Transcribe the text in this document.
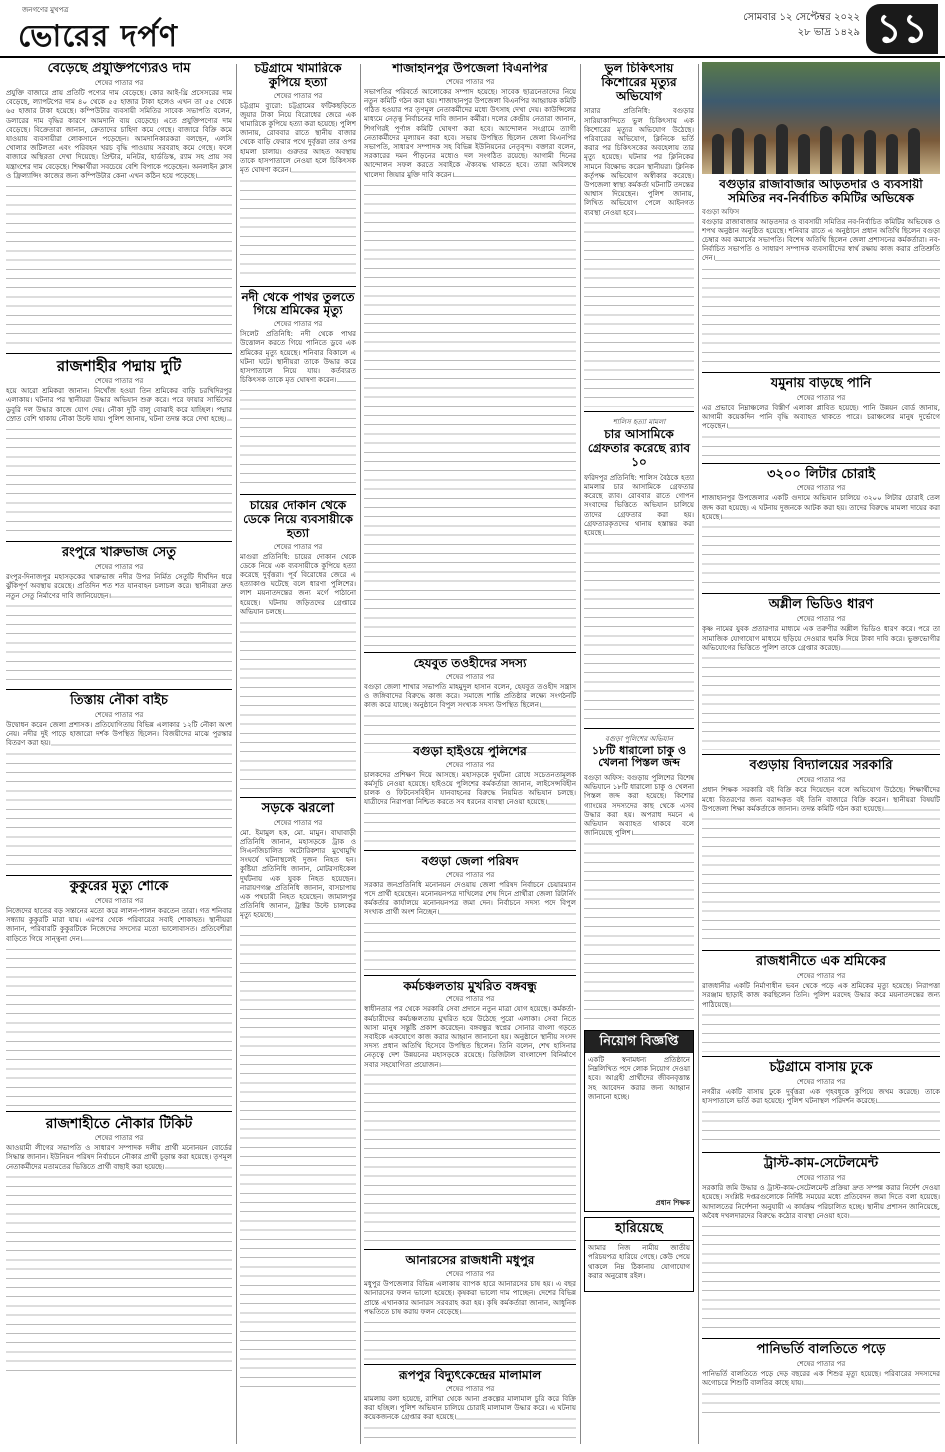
জনগণের মুখপত্র
ভোরের দর্পণ
সোমবার ১২ সেপ্টেম্বর ২০২২
২৮ ভাদ্র ১৪২৯ ১১
বেড়েছে প্রযুক্তিপণ্যেরও দাম
শেষের পাতার পর
প্রযুক্তি বাজারে প্রায় প্রতিটি পণ্যের দাম বেড়েছে। কোর আই-থ্রি প্রসেসরের দাম বেড়েছে, ল্যাপটপের দাম ৪০ থেকে ৫৫ হাজার টাকা হলেও এখন তা ৫৫ থেকে ৬৫ হাজার টাকা হয়েছে। কম্পিউটার ব্যবসায়ী সমিতির সাবেক সভাপতি বলেন, ডলারের দাম বৃদ্ধির কারণে আমদানি ব্যয় বেড়েছে। এতে প্রযুক্তিপণ্যের দাম বেড়েছে। বিক্রেতারা জানান, ক্রেতাদের চাহিদা কমে গেছে। বাজারে বিক্রি কমে যাওয়ায় ব্যবসায়ীরা লোকসানে পড়েছেন। আমদানিকারকরা বলছেন, এলসি খোলার জটিলতা এবং পরিবহন খরচ বৃদ্ধি পাওয়ায় সরবরাহ কমে গেছে। ফলে বাজারে অস্থিরতা দেখা দিয়েছে। প্রিন্টার, মনিটর, হার্ডডিস্ক, র‍্যাম সহ প্রায় সব যন্ত্রাংশের দাম বেড়েছে। শিক্ষার্থীরা সবচেয়ে বেশি বিপাকে পড়েছেন। অনলাইন ক্লাস ও ফ্রিল্যান্সিং কাজের জন্য কম্পিউটার কেনা এখন কঠিন হয়ে পড়েছে।
রাজশাহীর পদ্মায় দুটি
শেষের পাতার পর
হয়ে আরো শ্রমিকরা জানান। নিখোঁজ হওয়া তিন শ্রমিকের বাড়ি চরখিদিরপুর এলাকায়। ঘটনার পর স্থানীয়রা উদ্ধার অভিযান শুরু করে। পরে ফায়ার সার্ভিসের ডুবুরি দল উদ্ধার কাজে যোগ দেয়। নৌকা দুটি বালু বোঝাই করে যাচ্ছিল। পদ্মার স্রোত বেশি থাকায় নৌকা উল্টে যায়। পুলিশ জানায়, ঘটনা তদন্ত করে দেখা হচ্ছে।
রংপুরে খারুভাজ সেতু
শেষের পাতার পর
রংপুর-দিনাজপুর মহাসড়কের খারুভাজ নদীর উপর নির্মিত সেতুটি দীর্ঘদিন ধরে ঝুঁকিপূর্ণ অবস্থায় রয়েছে। প্রতিদিন শত শত যানবাহন চলাচল করে। স্থানীয়রা দ্রুত নতুন সেতু নির্মাণের দাবি জানিয়েছেন।
তিস্তায় নৌকা বাইচ
শেষের পাতার পর
উদ্বোধন করেন জেলা প্রশাসক। প্রতিযোগিতায় বিভিন্ন এলাকার ১২টি নৌকা অংশ নেয়। নদীর দুই পাড়ে হাজারো দর্শক উপস্থিত ছিলেন। বিজয়ীদের মাঝে পুরস্কার বিতরণ করা হয়।
কুকুরের মৃত্যু শোকে
শেষের পাতার পর
নিজেদের হাতের বড় সন্তানের মতো করে লালন-পালন করতেন তারা। গত শনিবার সন্ধ্যায় কুকুরটি মারা যায়। এরপর থেকে পরিবারের সবাই শোকাহত। স্থানীয়রা জানান, পরিবারটি কুকুরটিকে নিজেদের সদস্যের মতো ভালোবাসত। প্রতিবেশীরা বাড়িতে গিয়ে সান্ত্বনা দেন।
রাজশাহীতে নৌকার টিকিট
শেষের পাতার পর
আওয়ামী লীগের সভাপতি ও সাধারণ সম্পাদক দলীয় প্রার্থী মনোনয়ন বোর্ডের সিদ্ধান্ত জানান। ইউনিয়ন পরিষদ নির্বাচনে নৌকার প্রার্থী চূড়ান্ত করা হয়েছে। তৃণমূল নেতাকর্মীদের মতামতের ভিত্তিতে প্রার্থী বাছাই করা হয়েছে।
চট্টগ্রামে খামারিকে কুপিয়ে হত্যা
শেষের পাতার পর
চট্টগ্রাম ব্যুরো: চট্টগ্রামের ফটিকছড়িতে জুয়ার টাকা নিয়ে বিরোধের জেরে এক খামারিকে কুপিয়ে হত্যা করা হয়েছে। পুলিশ জানায়, রোববার রাতে স্থানীয় বাজার থেকে বাড়ি ফেরার পথে দুর্বৃত্তরা তার ওপর হামলা চালায়। গুরুতর আহত অবস্থায় তাকে হাসপাতালে নেওয়া হলে চিকিৎসক মৃত ঘোষণা করেন।
নদী থেকে পাথর তুলতে গিয়ে শ্রমিকের মৃত্যু
শেষের পাতার পর
সিলেট প্রতিনিধি: নদী থেকে পাথর উত্তোলন করতে গিয়ে পানিতে ডুবে এক শ্রমিকের মৃত্যু হয়েছে। শনিবার বিকালে এ ঘটনা ঘটে। স্থানীয়রা তাকে উদ্ধার করে হাসপাতালে নিয়ে যায়। কর্তব্যরত চিকিৎসক তাকে মৃত ঘোষণা করেন।
চায়ের দোকান থেকে ডেকে নিয়ে ব্যবসায়ীকে হত্যা
শেষের পাতার পর
মাগুরা প্রতিনিধি: চায়ের দোকান থেকে ডেকে নিয়ে এক ব্যবসায়ীকে কুপিয়ে হত্যা করেছে দুর্বৃত্তরা। পূর্ব বিরোধের জেরে এ হত্যাকাণ্ড ঘটেছে বলে ধারণা পুলিশের। লাশ ময়নাতদন্তের জন্য মর্গে পাঠানো হয়েছে। ঘটনায় জড়িতদের গ্রেপ্তারে অভিযান চলছে।
সড়কে ঝরলো
শেষের পাতার পর
মো. ইমামুল হক, মো. মামুন। বাঘাবাড়ী প্রতিনিধি জানান, মহাসড়কে ট্রাক ও সিএনজিচালিত অটোরিকশার মুখোমুখি সংঘর্ষে ঘটনাস্থলেই দুজন নিহত হন। কুষ্টিয়া প্রতিনিধি জানান, মোটরসাইকেল দুর্ঘটনায় এক যুবক নিহত হয়েছেন। নারায়ণগঞ্জ প্রতিনিধি জানান, বাসচাপায় এক পথচারী নিহত হয়েছেন। জামালপুর প্রতিনিধি জানান, ট্রাক্টর উল্টে চালকের মৃত্যু হয়েছে।
শাজাহানপুর উপজেলা বিএনপির
শেষের পাতার পর
সভাপতির পরিবর্তে আলোকের সম্পাদ হয়েছে। সাবেক ছাত্রনেতাদের নিয়ে নতুন কমিটি গঠন করা হয়। শাজাহানপুর উপজেলা বিএনপির আহ্বায়ক কমিটি গঠিত হওয়ার পর তৃণমূল নেতাকর্মীদের মধ্যে উৎসাহ দেখা দেয়। কাউন্সিলের মাধ্যমে নেতৃত্ব নির্বাচনের দাবি জানান কর্মীরা। দলের কেন্দ্রীয় নেতারা জানান, শিগগিরই পূর্ণাঙ্গ কমিটি ঘোষণা করা হবে। আন্দোলন সংগ্রামে ত্যাগী নেতাকর্মীদের মূল্যায়ন করা হবে। সভায় উপস্থিত ছিলেন জেলা বিএনপির সভাপতি, সাধারণ সম্পাদক সহ বিভিন্ন ইউনিয়নের নেতৃবৃন্দ। বক্তারা বলেন, সরকারের দমন পীড়নের মধ্যেও দল সংগঠিত রয়েছে। আগামী দিনের আন্দোলন সফল করতে সবাইকে ঐক্যবদ্ধ থাকতে হবে। তারা অবিলম্বে খালেদা জিয়ার মুক্তি দাবি করেন।
হেযবুত তওহীদের সদস্য
শেষের পাতার পর
বগুড়া জেলা শাখার সভাপতি মাহমুদুল হাসান বলেন, হেযবুত তওহীদ সন্ত্রাস ও জঙ্গিবাদের বিরুদ্ধে কাজ করে। সমাজে শান্তি প্রতিষ্ঠার লক্ষ্যে সংগঠনটি কাজ করে যাচ্ছে। অনুষ্ঠানে বিপুল সংখ্যক সদস্য উপস্থিত ছিলেন।
বগুড়া হাইওয়ে পুলিশের
শেষের পাতার পর
চালকদের প্রশিক্ষণ দিয়ে আসছে। মহাসড়কে দুর্ঘটনা রোধে সচেতনতামূলক কর্মসূচি নেওয়া হয়েছে। হাইওয়ে পুলিশের কর্মকর্তারা জানান, লাইসেন্সবিহীন চালক ও ফিটনেসবিহীন যানবাহনের বিরুদ্ধে নিয়মিত অভিযান চলছে। যাত্রীদের নিরাপত্তা নিশ্চিত করতে সব ধরনের ব্যবস্থা নেওয়া হয়েছে।
বগুড়া জেলা পরিষদ
শেষের পাতার পর
সরকার জনপ্রতিনিধি মনোনয়ন দেওয়ায় জেলা পরিষদ নির্বাচনে চেয়ারম্যান পদে প্রার্থী হয়েছেন। মনোনয়নপত্র দাখিলের শেষ দিনে প্রার্থীরা জেলা রিটার্নিং কর্মকর্তার কার্যালয়ে মনোনয়নপত্র জমা দেন। নির্বাচনে সদস্য পদে বিপুল সংখ্যক প্রার্থী অংশ নিচ্ছেন।
কর্মচঞ্চলতায় মুখরিত বঙ্গবন্ধু
শেষের পাতার পর
স্বাধীনতার পর থেকে সরকারি সেবা প্রদানে নতুন মাত্রা যোগ হয়েছে। কর্মকর্তা-কর্মচারীদের কর্মচঞ্চলতায় মুখরিত হয়ে উঠেছে পুরো এলাকা। সেবা নিতে আসা মানুষ সন্তুষ্টি প্রকাশ করেছেন। বঙ্গবন্ধুর স্বপ্নের সোনার বাংলা গড়তে সবাইকে একযোগে কাজ করার আহ্বান জানানো হয়। অনুষ্ঠানে স্থানীয় সংসদ সদস্য প্রধান অতিথি হিসেবে উপস্থিত ছিলেন। তিনি বলেন, শেখ হাসিনার নেতৃত্বে দেশ উন্নয়নের মহাসড়কে রয়েছে। ডিজিটাল বাংলাদেশ বিনির্মাণে সবার সহযোগিতা প্রয়োজন।
আনারসের রাজধানী মধুপুর
শেষের পাতার পর
মধুপুর উপজেলার বিভিন্ন এলাকায় ব্যাপক হারে আনারসের চাষ হয়। এ বছর আনারসের ফলন ভালো হয়েছে। কৃষকরা ভালো দাম পাচ্ছেন। দেশের বিভিন্ন প্রান্তে এখানকার আনারস সরবরাহ করা হয়। কৃষি কর্মকর্তারা জানান, আধুনিক পদ্ধতিতে চাষ করায় ফলন বেড়েছে।
রূপপুর বিদ্যুৎকেন্দ্রের মালামাল
শেষের পাতার পর
মামলায় বলা হয়েছে, রাশিয়া থেকে আনা প্রকল্পের মালামাল চুরি করে বিক্রি করা হচ্ছিল। পুলিশ অভিযান চালিয়ে চোরাই মালামাল উদ্ধার করে। এ ঘটনায় কয়েকজনকে গ্রেপ্তার করা হয়েছে।
ভুল চিকিৎসায় কিশোরের মৃত্যুর অভিযোগ
সারার প্রতিনিধি: বগুড়ার সারিয়াকান্দিতে ভুল চিকিৎসায় এক কিশোরের মৃত্যুর অভিযোগ উঠেছে। পরিবারের অভিযোগ, ক্লিনিকে ভর্তি করার পর চিকিৎসকের অবহেলায় তার মৃত্যু হয়েছে। ঘটনার পর ক্লিনিকের সামনে বিক্ষোভ করেন স্থানীয়রা। ক্লিনিক কর্তৃপক্ষ অভিযোগ অস্বীকার করেছে। উপজেলা স্বাস্থ্য কর্মকর্তা ঘটনাটি তদন্তের আশ্বাস দিয়েছেন। পুলিশ জানায়, লিখিত অভিযোগ পেলে আইনগত ব্যবস্থা নেওয়া হবে।
শালিস হত্যা মামলা
চার আসামিকে গ্রেফতার করেছে র‍্যাব ১০
ফরিদপুর প্রতিনিধি: শালিস বৈঠকে হত্যা মামলার চার আসামিকে গ্রেফতার করেছে র‍্যাব। রোববার রাতে গোপন সংবাদের ভিত্তিতে অভিযান চালিয়ে তাদের গ্রেফতার করা হয়। গ্রেফতারকৃতদের থানায় হস্তান্তর করা হয়েছে।
বগুড়া পুলিশের অভিযান
১৮টি ধারালো চাকু ও খেলনা পিস্তল জব্দ
বগুড়া অফিস: বগুড়ায় পুলিশের বিশেষ অভিযানে ১৮টি ধারালো চাকু ও খেলনা পিস্তল জব্দ করা হয়েছে। কিশোর গ্যাংয়ের সদস্যদের কাছ থেকে এসব উদ্ধার করা হয়। অপরাধ দমনে এ অভিযান অব্যাহত থাকবে বলে জানিয়েছে পুলিশ।
নিয়োগ বিজ্ঞপ্তি
একটি স্বনামধন্য প্রতিষ্ঠানে নিম্নলিখিত পদে লোক নিয়োগ দেওয়া হবে। আগ্রহী প্রার্থীদের জীবনবৃত্তান্ত সহ আবেদন করার জন্য আহ্বান জানানো হচ্ছে।
প্রধান শিক্ষক
হারিয়েছে
আমার নিজ নামীয় জাতীয় পরিচয়পত্র হারিয়ে গেছে। কেউ পেয়ে থাকলে নিম্ন ঠিকানায় যোগাযোগ করার অনুরোধ রইল।
বগুড়ার রাজাবাজার আড়তদার ও ব্যবসায়ী সমিতির নব-নির্বাচিত কমিটির অভিষেক
বগুড়া অফিস
বগুড়ার রাজাবাজার আড়তদার ও ব্যবসায়ী সমিতির নব-নির্বাচিত কমিটির অভিষেক ও শপথ অনুষ্ঠান অনুষ্ঠিত হয়েছে। শনিবার রাতে এ অনুষ্ঠানে প্রধান অতিথি ছিলেন বগুড়া চেম্বার অব কমার্সের সভাপতি। বিশেষ অতিথি ছিলেন জেলা প্রশাসনের কর্মকর্তারা। নব-নির্বাচিত সভাপতি ও সাধারণ সম্পাদক ব্যবসায়ীদের স্বার্থ রক্ষায় কাজ করার প্রতিশ্রুতি দেন।
যমুনায় বাড়ছে পানি
শেষের পাতার পর
এর প্রভাবে নিম্নাঞ্চলের বিস্তীর্ণ এলাকা প্লাবিত হয়েছে। পানি উন্নয়ন বোর্ড জানায়, আগামী কয়েকদিন পানি বৃদ্ধি অব্যাহত থাকতে পারে। চরাঞ্চলের মানুষ দুর্ভোগে পড়েছেন।
৩২০০ লিটার চোরাই
শেষের পাতার পর
শাজাহানপুর উপজেলার একটি গুদামে অভিযান চালিয়ে ৩২০০ লিটার চোরাই তেল জব্দ করা হয়েছে। এ ঘটনায় দুজনকে আটক করা হয়। তাদের বিরুদ্ধে মামলা দায়ের করা হয়েছে।
অশ্লীল ভিডিও ধারণ
শেষের পাতার পর
কৃষ্ণ নামের যুবক প্রতারণার মাধ্যমে এক তরুণীর অশ্লীল ভিডিও ধারণ করে। পরে তা সামাজিক যোগাযোগ মাধ্যমে ছড়িয়ে দেওয়ার হুমকি দিয়ে টাকা দাবি করে। ভুক্তভোগীর অভিযোগের ভিত্তিতে পুলিশ তাকে গ্রেপ্তার করেছে।
বগুড়ায় বিদ্যালয়ের সরকারি
শেষের পাতার পর
প্রধান শিক্ষক সরকারি বই বিক্রি করে দিয়েছেন বলে অভিযোগ উঠেছে। শিক্ষার্থীদের মধ্যে বিতরণের জন্য বরাদ্দকৃত বই তিনি বাজারে বিক্রি করেন। স্থানীয়রা বিষয়টি উপজেলা শিক্ষা কর্মকর্তাকে জানান। তদন্ত কমিটি গঠন করা হয়েছে।
রাজধানীতে এক শ্রমিকের
শেষের পাতার পর
রাজধানীর একটি নির্মাণাধীন ভবন থেকে পড়ে এক শ্রমিকের মৃত্যু হয়েছে। নিরাপত্তা সরঞ্জাম ছাড়াই কাজ করছিলেন তিনি। পুলিশ মরদেহ উদ্ধার করে ময়নাতদন্তের জন্য পাঠিয়েছে।
চট্টগ্রামে বাসায় ঢুকে
শেষের পাতার পর
নগরীর একটি বাসায় ঢুকে দুর্বৃত্তরা এক গৃহবধূকে কুপিয়ে জখম করেছে। তাকে হাসপাতালে ভর্তি করা হয়েছে। পুলিশ ঘটনাস্থল পরিদর্শন করেছে।
ট্রাস্ট-কাম-সেটেলমেন্ট
শেষের পাতার পর
সরকারি জমি উদ্ধার ও ট্রাস্ট-কাম-সেটেলমেন্ট প্রক্রিয়া দ্রুত সম্পন্ন করার নির্দেশ দেওয়া হয়েছে। সংশ্লিষ্ট দপ্তরগুলোকে নির্দিষ্ট সময়ের মধ্যে প্রতিবেদন জমা দিতে বলা হয়েছে। আদালতের নির্দেশনা অনুযায়ী এ কার্যক্রম পরিচালিত হচ্ছে। স্থানীয় প্রশাসন জানিয়েছে, অবৈধ দখলদারদের বিরুদ্ধে কঠোর ব্যবস্থা নেওয়া হবে।
পানিভর্তি বালতিতে পড়ে
শেষের পাতার পর
পানিভর্তি বালতিতে পড়ে দেড় বছরের এক শিশুর মৃত্যু হয়েছে। পরিবারের সদস্যদের অগোচরে শিশুটি বালতির কাছে যায়।
